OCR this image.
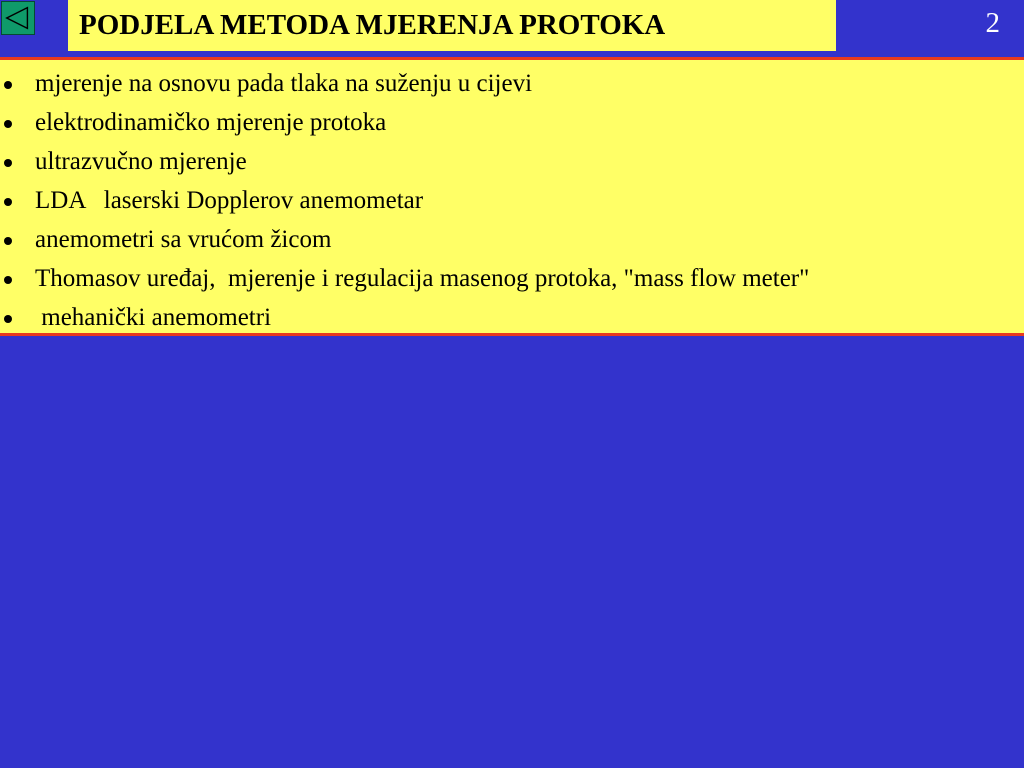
PODJELA METODA MJERENJA PROTOKA	2

mjerenje na osnovu pada tlaka na suženju u cijevi

elektrodinamičko mjerenje protoka

ultrazvučno mjerenje

LDA   laserski Dopplerov anemometar

anemometri sa vrućom žicom

Thomasov uređaj,  mjerenje i regulacija masenog protoka, "mass flow meter"

mehanički anemometri
